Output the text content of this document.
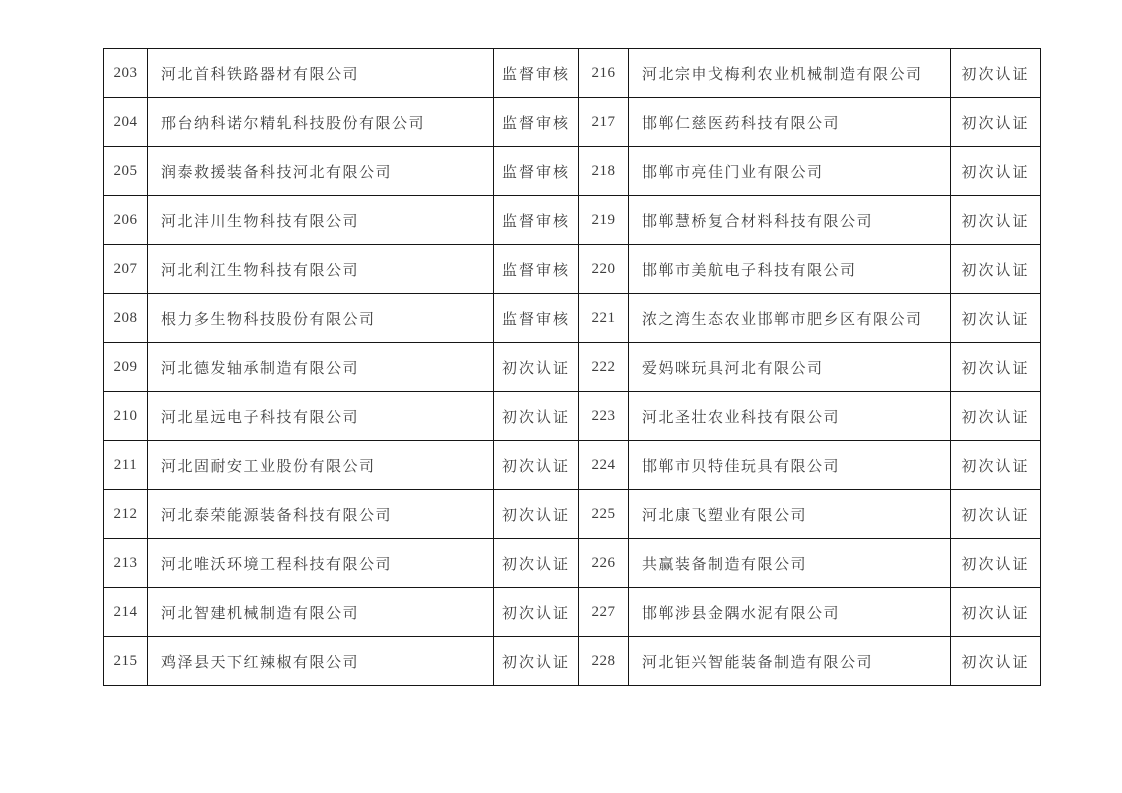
203	河北首科铁路器材有限公司	监督审核	216	河北宗申戈梅利农业机械制造有限公司	初次认证
204	邢台纳科诺尔精轧科技股份有限公司	监督审核	217	邯郸仁慈医药科技有限公司	初次认证
205	润泰救援装备科技河北有限公司	监督审核	218	邯郸市亮佳门业有限公司	初次认证
206	河北沣川生物科技有限公司	监督审核	219	邯郸慧桥复合材料科技有限公司	初次认证
207	河北利江生物科技有限公司	监督审核	220	邯郸市美航电子科技有限公司	初次认证
208	根力多生物科技股份有限公司	监督审核	221	浓之湾生态农业邯郸市肥乡区有限公司	初次认证
209	河北德发轴承制造有限公司	初次认证	222	爱妈咪玩具河北有限公司	初次认证
210	河北星远电子科技有限公司	初次认证	223	河北圣壮农业科技有限公司	初次认证
211	河北固耐安工业股份有限公司	初次认证	224	邯郸市贝特佳玩具有限公司	初次认证
212	河北泰荣能源装备科技有限公司	初次认证	225	河北康飞塑业有限公司	初次认证
213	河北唯沃环境工程科技有限公司	初次认证	226	共赢装备制造有限公司	初次认证
214	河北智建机械制造有限公司	初次认证	227	邯郸涉县金隅水泥有限公司	初次认证
215	鸡泽县天下红辣椒有限公司	初次认证	228	河北钜兴智能装备制造有限公司	初次认证
